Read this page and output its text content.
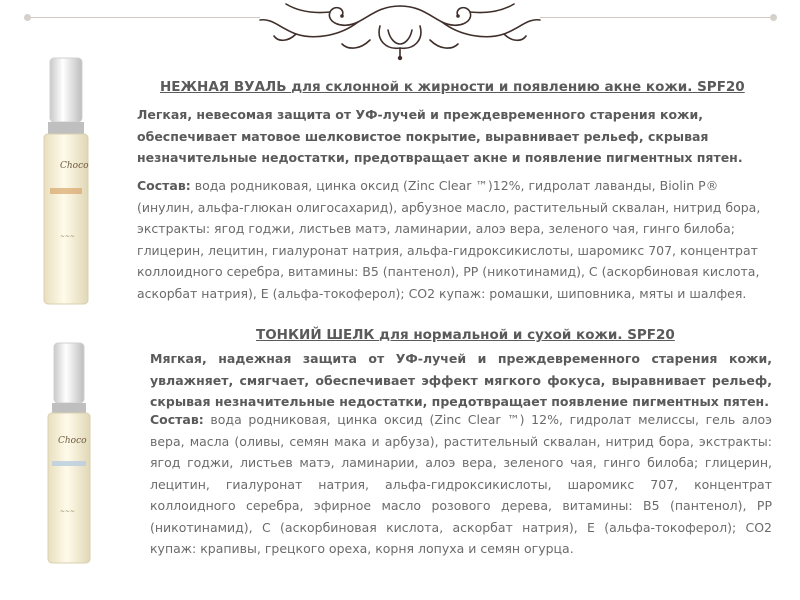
Choco
~~~
Choco
~~~
НЕЖНАЯ ВУАЛЬ для склонной к жирности и появлению акне кожи. SPF20
Легкая, невесомая защита от УФ-лучей и преждевременного старения кожи, обеспечивает матовое шелковистое покрытие, выравнивает рельеф, скрывая незначительные недостатки, предотвращает акне и появление пигментных пятен.
Состав: вода родниковая, цинка оксид (Zinc Clear ™)12%, гидролат лаванды, Biolin P® (инулин, альфа-глюкан олигосахарид), арбузное масло, растительный сквалан, нитрид бора, экстракты: ягод годжи, листьев матэ, ламинарии, алоэ вера, зеленого чая, гинго билоба; глицерин, лецитин, гиалуронат натрия, альфа-гидроксикислоты, шаромикс 707, концентрат коллоидного серебра, витамины: В5 (пантенол), РР (никотинамид), С (аскорбиновая кислота, аскорбат натрия), Е (альфа-токоферол); СО2 купаж: ромашки, шиповника, мяты и шалфея.
ТОНКИЙ ШЕЛК для нормальной и сухой кожи. SPF20
Мягкая, надежная защита от УФ-лучей и преждевременного старения кожи, увлажняет, смягчает, обеспечивает эффект мягкого фокуса, выравнивает рельеф, скрывая незначительные недостатки, предотвращает появление пигментных пятен.
Состав: вода родниковая, цинка оксид (Zinc Clear ™) 12%, гидролат мелиссы, гель алоэ вера, масла (оливы, семян мака и арбуза), растительный сквалан, нитрид бора, экстракты: ягод годжи, листьев матэ, ламинарии, алоэ вера, зеленого чая, гинго билоба; глицерин, лецитин, гиалуронат натрия, альфа-гидроксикислоты, шаромикс 707, концентрат коллоидного серебра, эфирное масло розового дерева, витамины: В5 (пантенол), РР (никотинамид), С (аскорбиновая кислота, аскорбат натрия), Е (альфа-токоферол); СО2 купаж: крапивы, грецкого ореха, корня лопуха и семян огурца.
